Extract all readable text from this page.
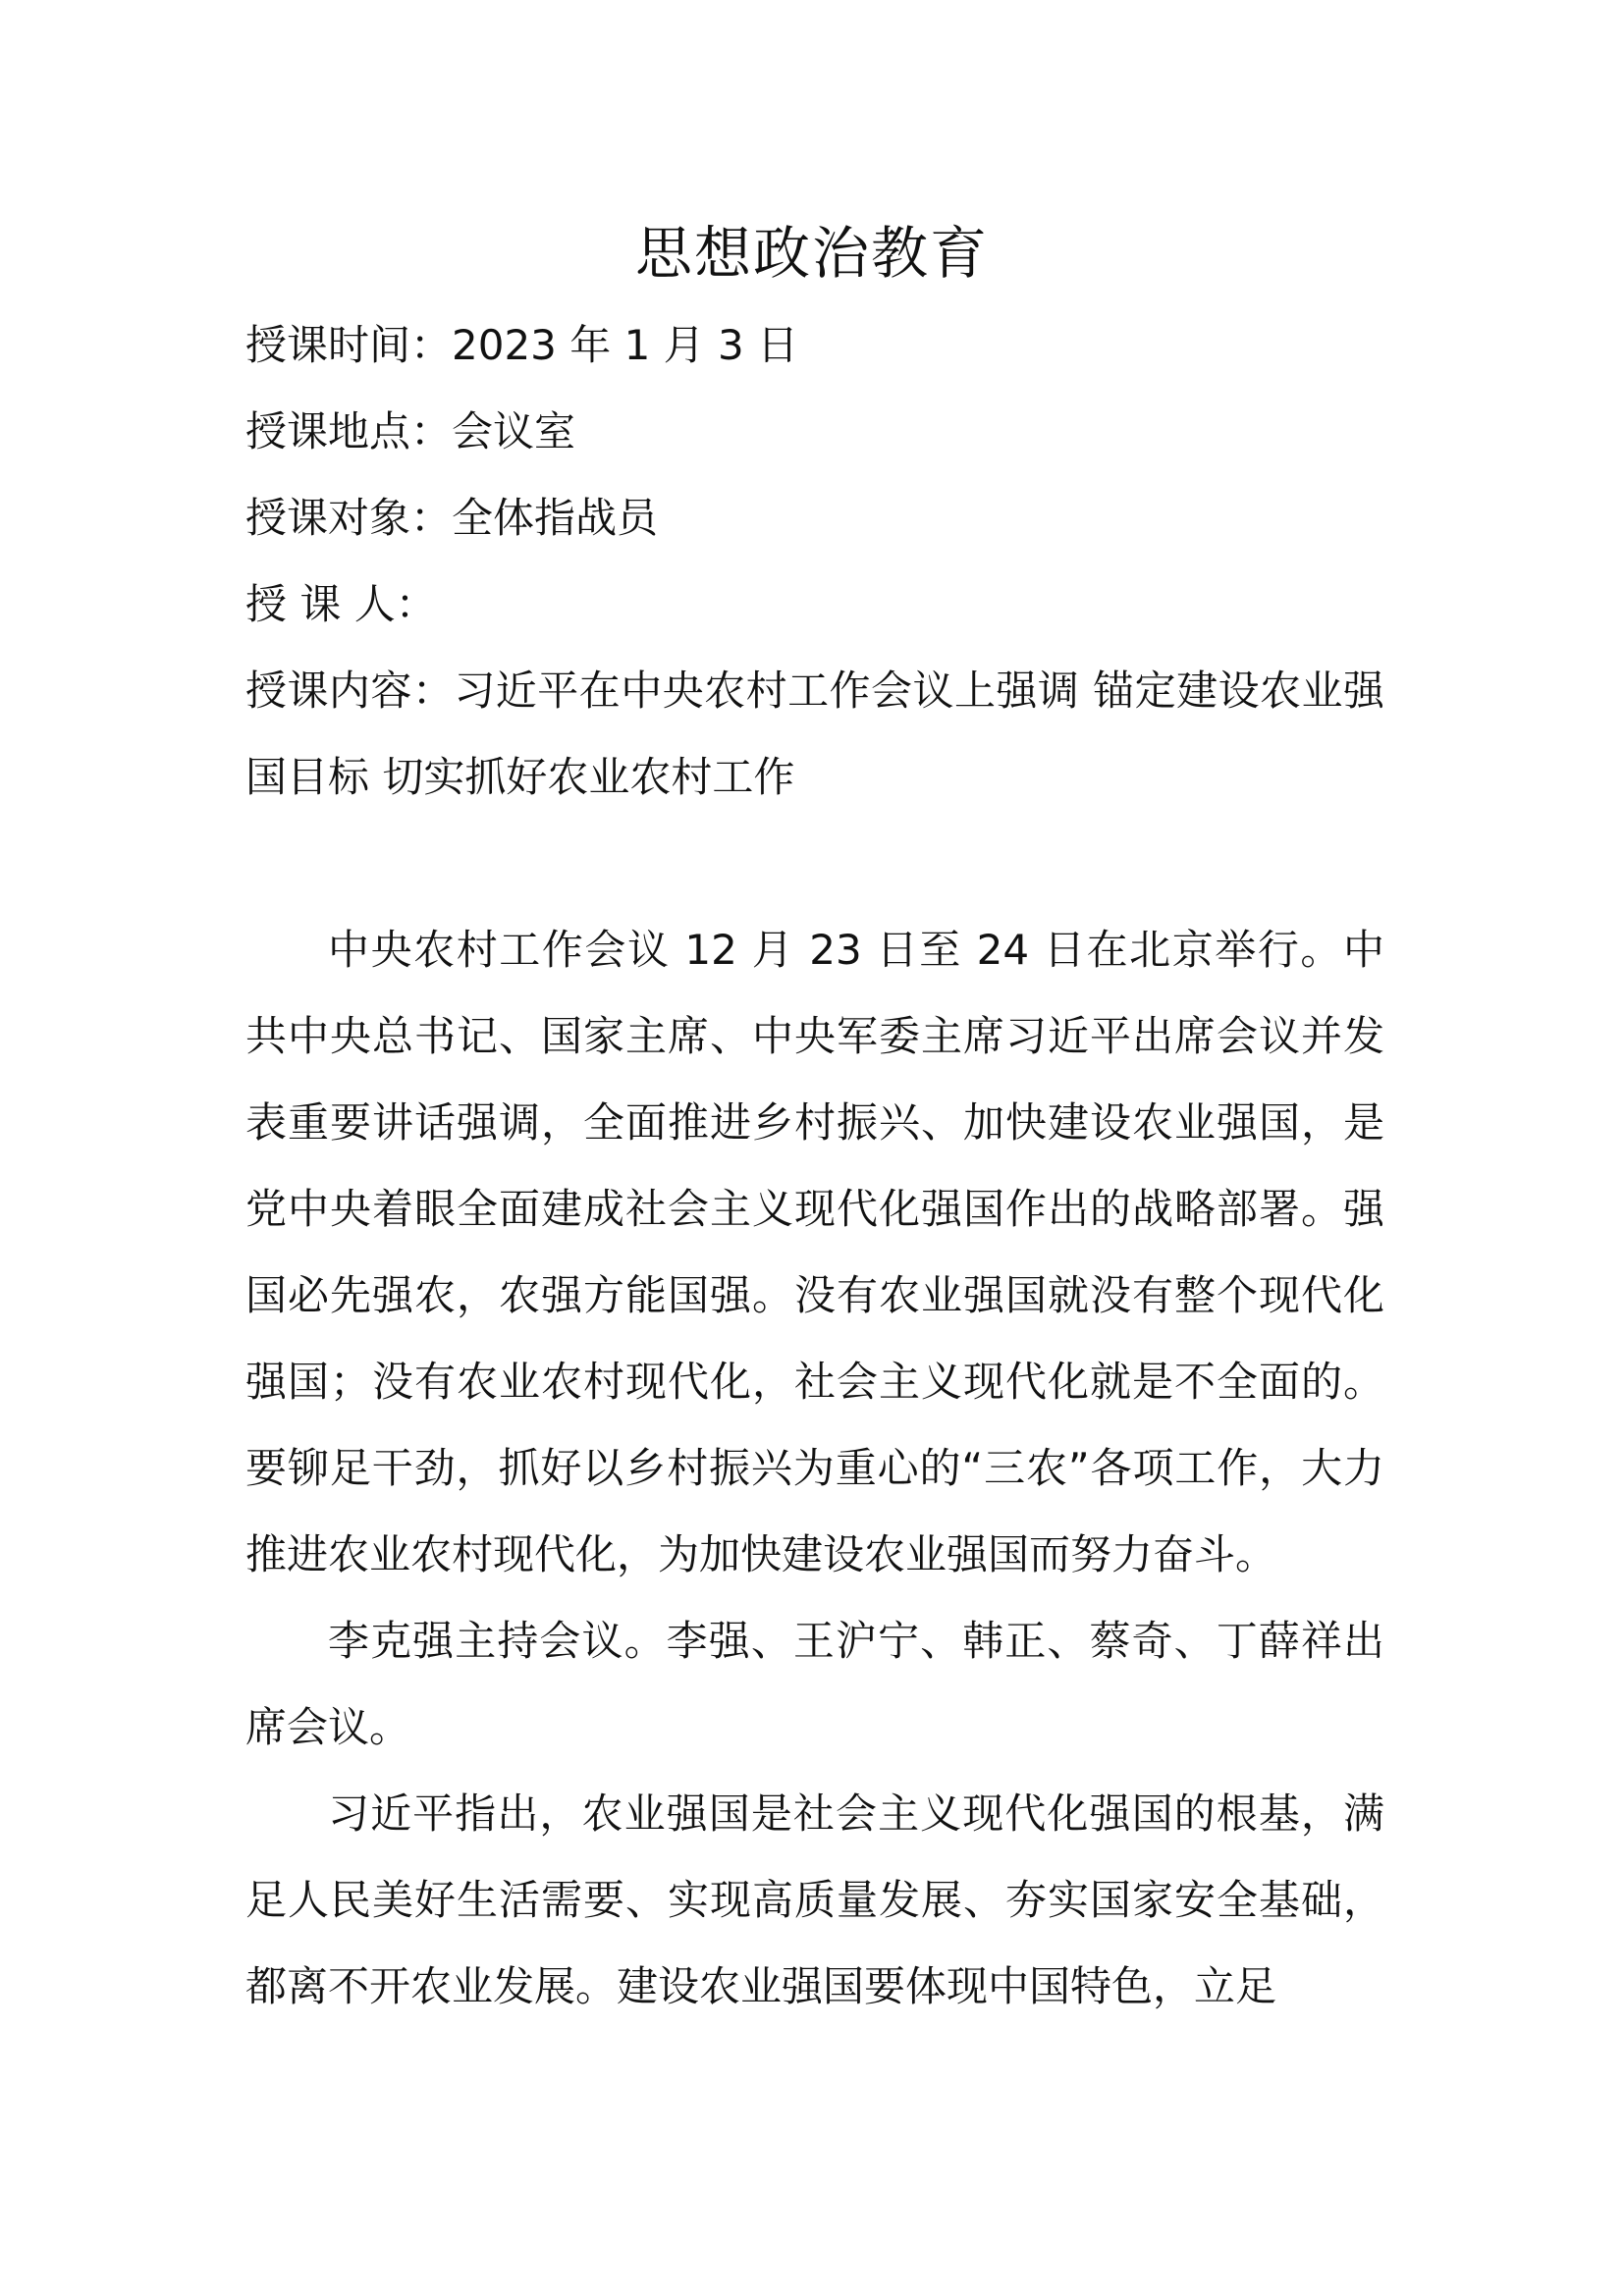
思想政治教育

授课时间：2023 年 1 月 3 日

授课地点：会议室

授课对象：全体指战员

授 课 人：

授课内容：习近平在中央农村工作会议上强调 锚定建设农业强国目标 切实抓好农业农村工作

中央农村工作会议 12 月 23 日至 24 日在北京举行。中共中央总书记、国家主席、中央军委主席习近平出席会议并发表重要讲话强调，全面推进乡村振兴、加快建设农业强国，是党中央着眼全面建成社会主义现代化强国作出的战略部署。强国必先强农，农强方能国强。没有农业强国就没有整个现代化强国；没有农业农村现代化，社会主义现代化就是不全面的。要铆足干劲，抓好以乡村振兴为重心的“三农”各项工作，大力推进农业农村现代化，为加快建设农业强国而努力奋斗。

李克强主持会议。李强、王沪宁、韩正、蔡奇、丁薛祥出席会议。

习近平指出，农业强国是社会主义现代化强国的根基，满足人民美好生活需要、实现高质量发展、夯实国家安全基础，都离不开农业发展。建设农业强国要体现中国特色，立足
